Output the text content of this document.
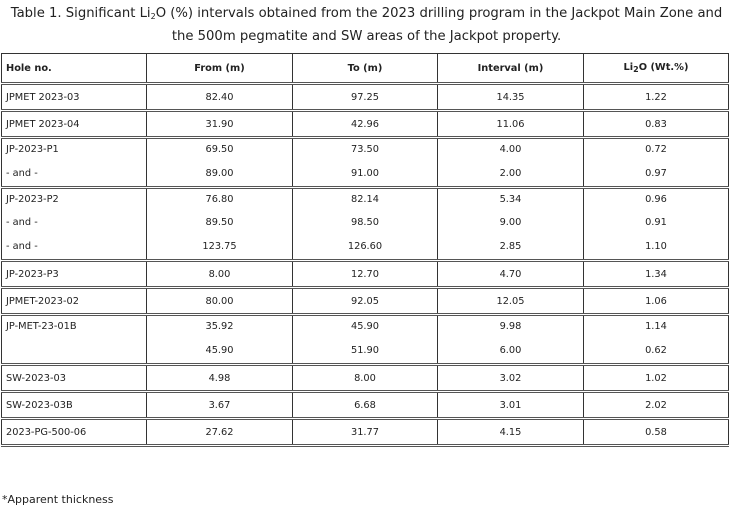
Table 1. Significant $Li_2O$ (%) intervals obtained from the 2023 drilling program in the Jackpot Main Zone and
the 500m pegmatite and SW areas of the Jackpot property.
Hole no.	From (m)	To (m)	Interval (m)	$Li_2O$ (Wt.%)
JPMET 2023-03	82.40	97.25	14.35	1.22
JPMET 2023-04	31.90	42.96	11.06	0.83
JP-2023-P1	69.50	73.50	4.00	0.72
- and -	89.00	91.00	2.00	0.97
JP-2023-P2	76.80	82.14	5.34	0.96
- and -	89.50	98.50	9.00	0.91
- and -	123.75	126.60	2.85	1.10
JP-2023-P3	8.00	12.70	4.70	1.34
JPMET-2023-02	80.00	92.05	12.05	1.06
JP-MET-23-01B	35.92	45.90	9.98	1.14
	45.90	51.90	6.00	0.62
SW-2023-03	4.98	8.00	3.02	1.02
SW-2023-03B	3.67	6.68	3.01	2.02
2023-PG-500-06	27.62	31.77	4.15	0.58
*Apparent thickness
